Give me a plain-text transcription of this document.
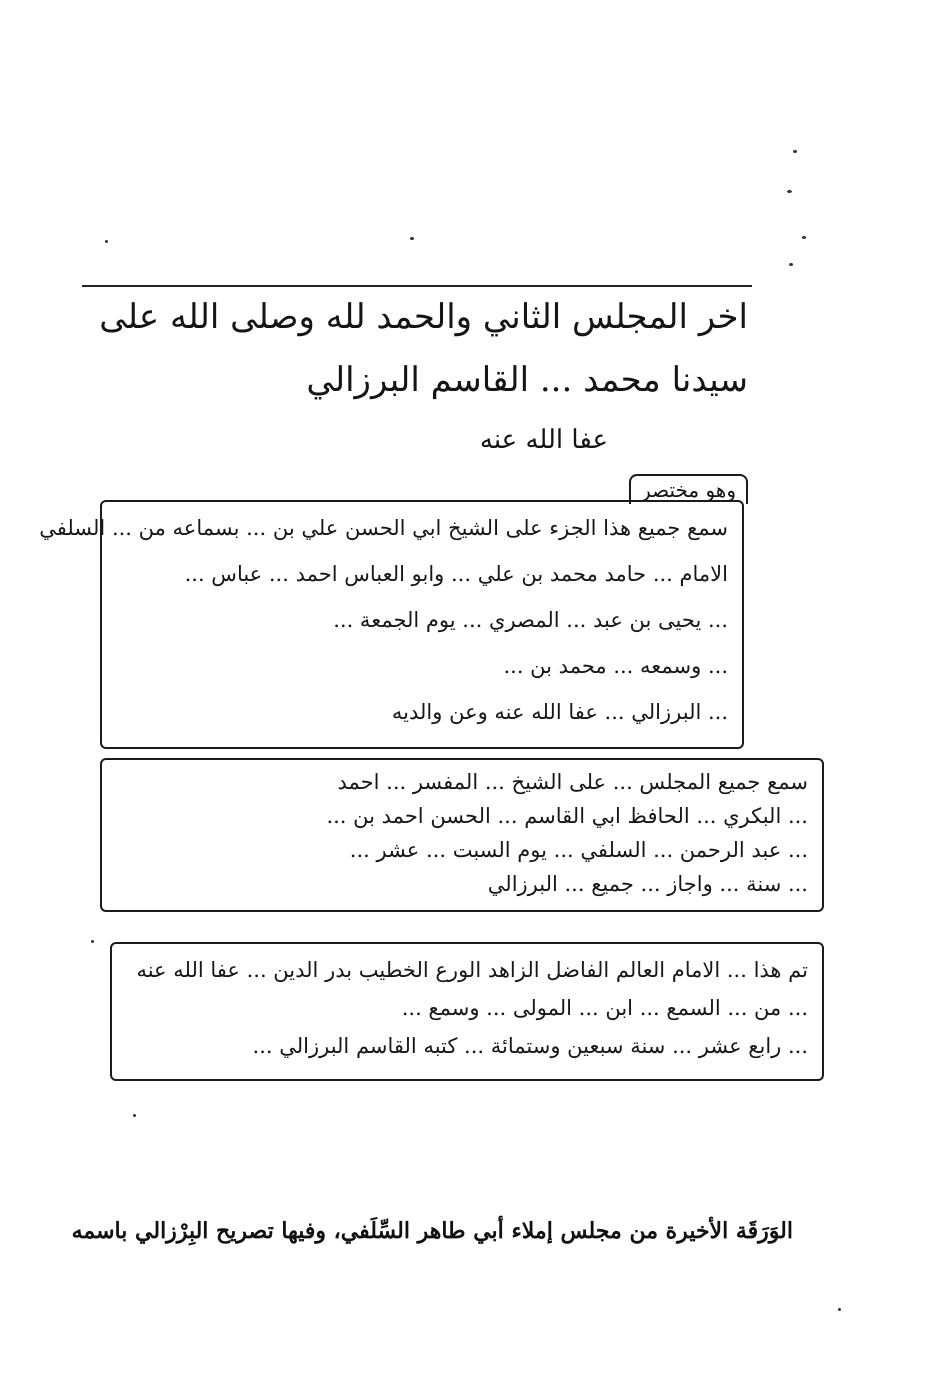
اخر المجلس الثاني والحمد لله وصلى الله على
سيدنا محمد ... القاسم البرزالي
عفا الله عنه
وهو مختصر
سمع جميع هذا الجزء على الشيخ ابي الحسن علي بن ... بسماعه من ... السلفي
الامام ... حامد محمد بن علي ... وابو العباس احمد ... عباس ...
... يحيى بن عبد ... المصري ... يوم الجمعة ...
... وسمعه ... محمد بن ...
... البرزالي ... عفا الله عنه وعن والديه
سمع جميع المجلس ... على الشيخ ... المفسر ... احمد
... البكري ... الحافظ ابي القاسم ... الحسن احمد بن ...
... عبد الرحمن ... السلفي ... يوم السبت ... عشر ...
... سنة ... واجاز ... جميع ... البرزالي
تم هذا ... الامام العالم الفاضل الزاهد الورع الخطيب بدر الدين ... عفا الله عنه
... من ... السمع ... ابن ... المولى ... وسمع ...
... رابع عشر ... سنة سبعين وستمائة ... كتبه القاسم البرزالي ...
الوَرَقَة الأخيرة من مجلس إملاء أبي طاهر السِّلَفي، وفيها تصريح البِرْزالي باسمه
